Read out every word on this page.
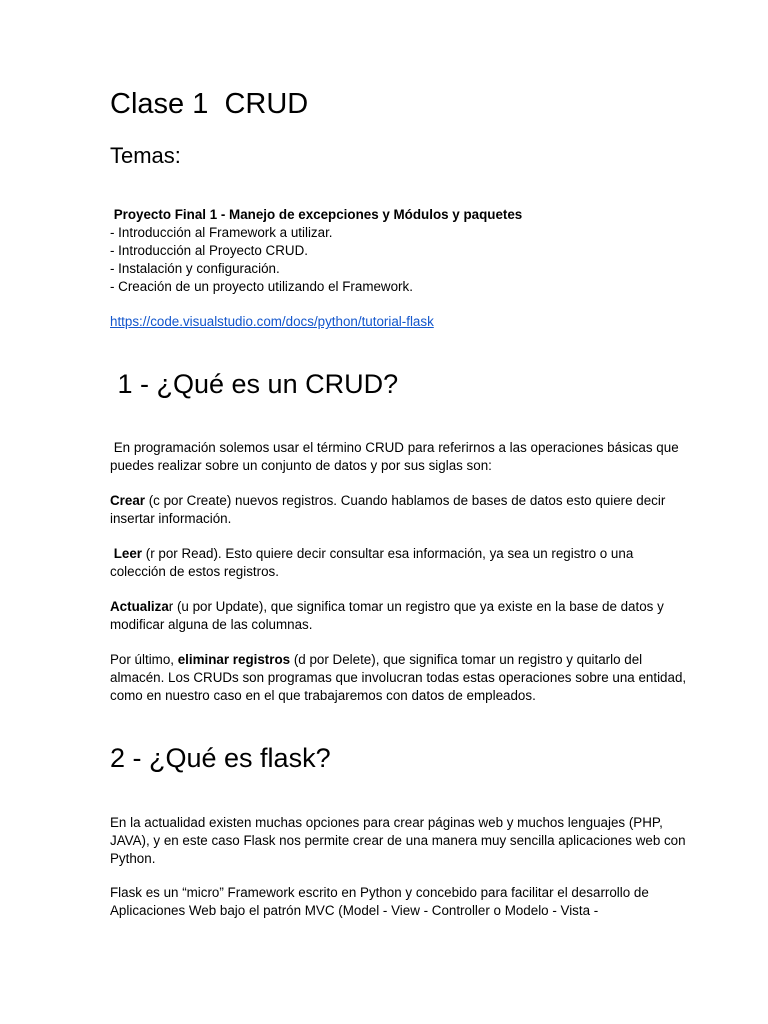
Clase 1  CRUD
Temas:

Proyecto Final 1 - Manejo de excepciones y Módulos y paquetes

- Introducción al Framework a utilizar.

- Introducción al Proyecto CRUD.

- Instalación y configuración.

- Creación de un proyecto utilizando el Framework.

https://code.visualstudio.com/docs/python/tutorial-flask
1 - ¿Qué es un CRUD?

En programación solemos usar el término CRUD para referirnos a las operaciones básicas que puedes realizar sobre un conjunto de datos y por sus siglas son:

Crear (c por Create) nuevos registros. Cuando hablamos de bases de datos esto quiere decir insertar información.

Leer (r por Read). Esto quiere decir consultar esa información, ya sea un registro o una colección de estos registros.

Actualizar (u por Update), que significa tomar un registro que ya existe en la base de datos y modificar alguna de las columnas.

Por último, eliminar registros (d por Delete), que significa tomar un registro y quitarlo del almacén. Los CRUDs son programas que involucran todas estas operaciones sobre una entidad, como en nuestro caso en el que trabajaremos con datos de empleados.

2 - ¿Qué es flask?

En la actualidad existen muchas opciones para crear páginas web y muchos lenguajes (PHP, JAVA), y en este caso Flask nos permite crear de una manera muy sencilla aplicaciones web con Python.

Flask es un “micro” Framework escrito en Python y concebido para facilitar el desarrollo de Aplicaciones Web bajo el patrón MVC (Model - View - Controller o Modelo - Vista -
